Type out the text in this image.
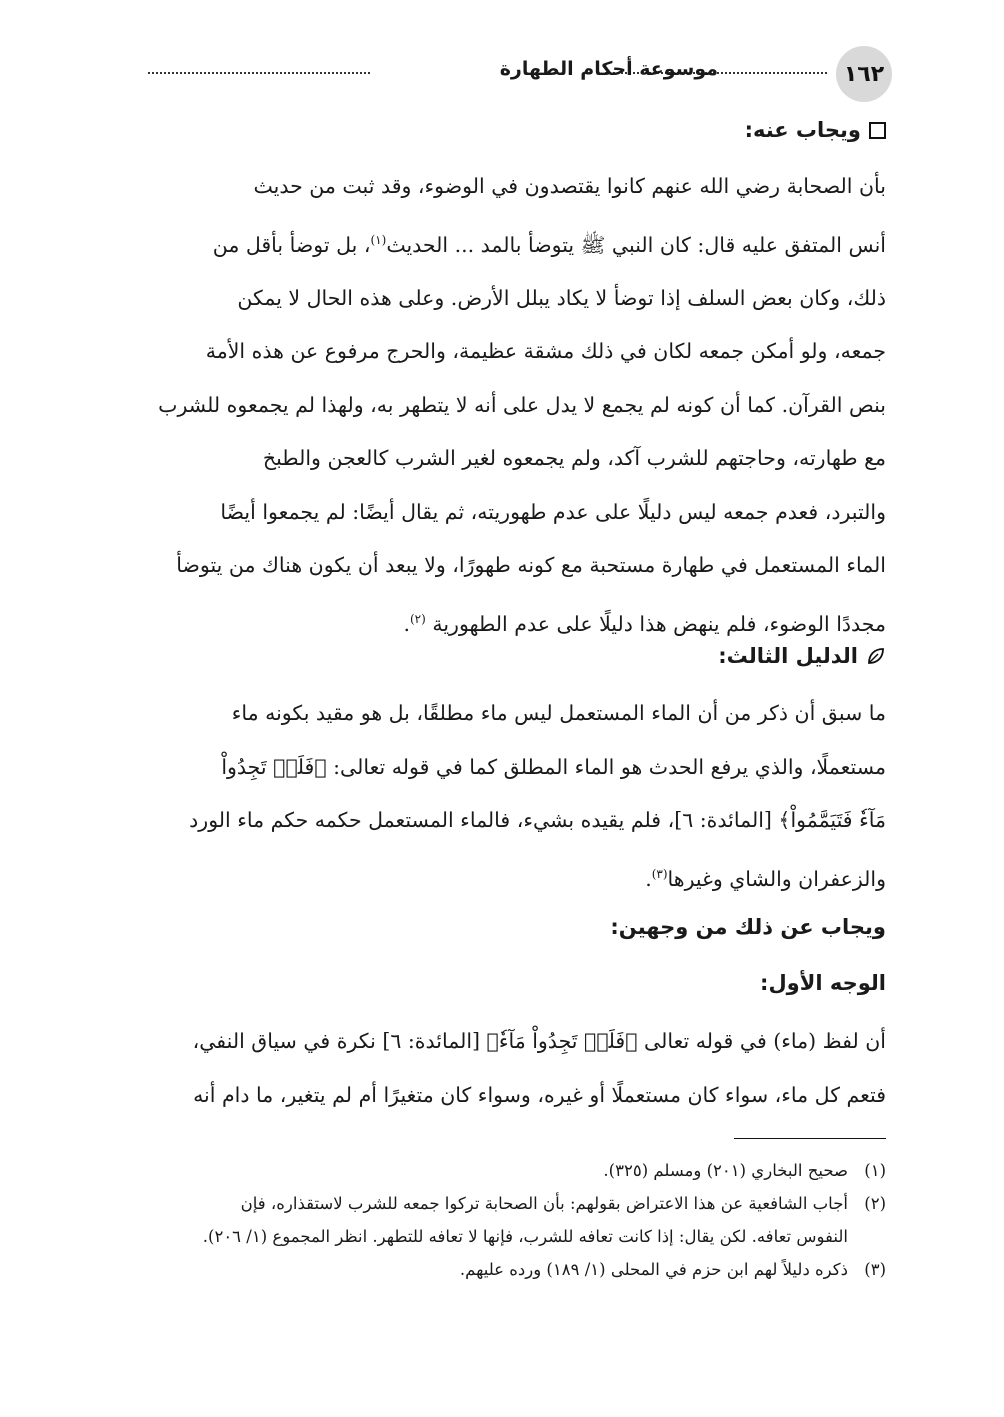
١٦٢
موسوعة أحكام الطهارة
ويجاب عنه:
بأن الصحابة رضي الله عنهم كانوا يقتصدون في الوضوء، وقد ثبت من حديث
أنس المتفق عليه قال: كان النبي ﷺ يتوضأ بالمد ... الحديث$^{(١)}$، بل توضأ بأقل من
ذلك، وكان بعض السلف إذا توضأ لا يكاد يبلل الأرض. وعلى هذه الحال لا يمكن
جمعه، ولو أمكن جمعه لكان في ذلك مشقة عظيمة، والحرج مرفوع عن هذه الأمة
بنص القرآن. كما أن كونه لم يجمع لا يدل على أنه لا يتطهر به، ولهذا لم يجمعوه للشرب
مع طهارته، وحاجتهم للشرب آكد، ولم يجمعوه لغير الشرب كالعجن والطبخ
والتبرد، فعدم جمعه ليس دليلًا على عدم طهوريته، ثم يقال أيضًا: لم يجمعوا أيضًا
الماء المستعمل في طهارة مستحبة مع كونه طهورًا، ولا يبعد أن يكون هناك من يتوضأ
مجددًا الوضوء، فلم ينهض هذا دليلًا على عدم الطهورية $^{(٢)}$.
الدليل الثالث:
ما سبق أن ذكر من أن الماء المستعمل ليس ماء مطلقًا، بل هو مقيد بكونه ماء
مستعملًا، والذي يرفع الحدث هو الماء المطلق كما في قوله تعالى: ﴿فَلَمۡ تَجِدُواْ
مَآءٗ فَتَيَمَّمُواْ﴾ [المائدة: ٦]، فلم يقيده بشيء، فالماء المستعمل حكمه حكم ماء الورد
والزعفران والشاي وغيرها$^{(٣)}$.
ويجاب عن ذلك من وجهين:
الوجه الأول:
أن لفظ (ماء) في قوله تعالى ﴿فَلَمۡ تَجِدُواْ مَآءٗ﴾ [المائدة: ٦] نكرة في سياق النفي،
فتعم كل ماء، سواء كان مستعملًا أو غيره، وسواء كان متغيرًا أم لم يتغير، ما دام أنه
(١)
صحيح البخاري (٢٠١) ومسلم (٣٢٥).
(٢)
أجاب الشافعية عن هذا الاعتراض بقولهم: بأن الصحابة تركوا جمعه للشرب لاستقذاره، فإن
النفوس تعافه. لكن يقال: إذا كانت تعافه للشرب، فإنها لا تعافه للتطهر. انظر المجموع (١/ ٢٠٦).
(٣)
ذكره دليلاً لهم ابن حزم في المحلى (١/ ١٨٩) ورده عليهم.
